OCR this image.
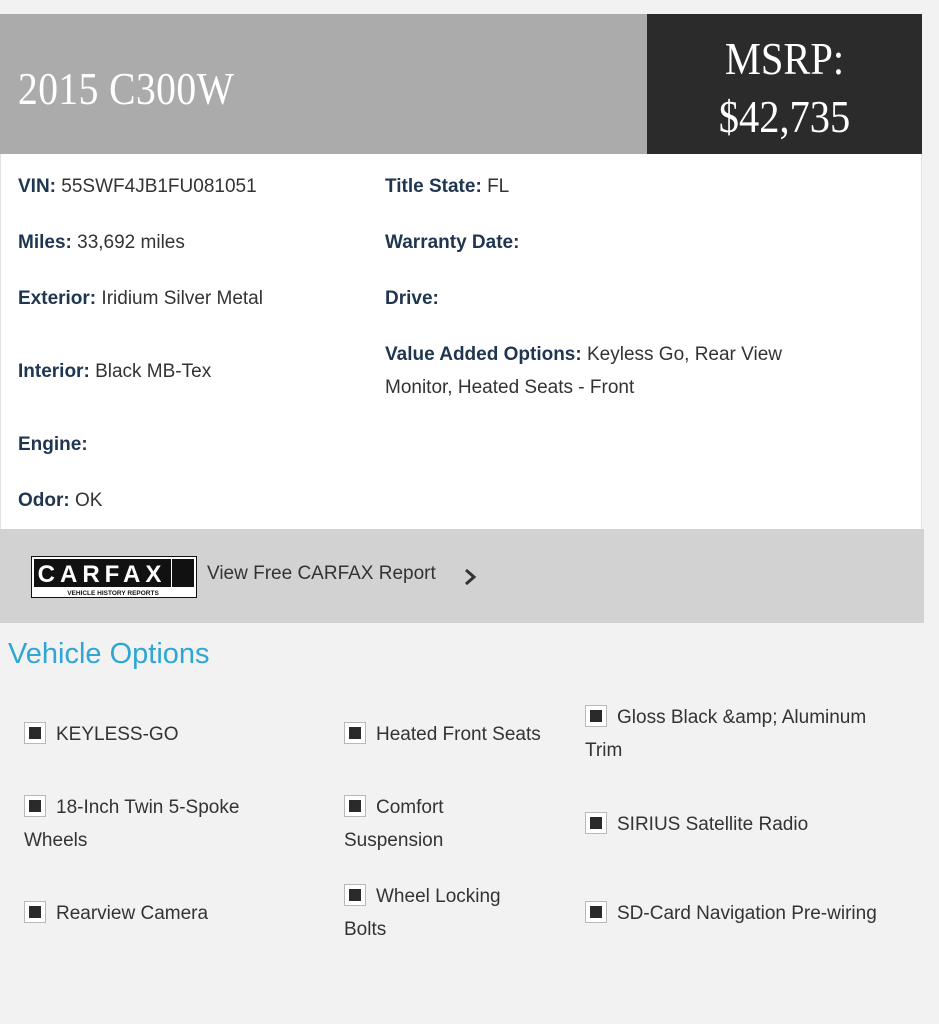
2015 C300W
MSRP:
$42,735
VIN: 55SWF4JB1FU081051
Miles: 33,692 miles
Exterior: Iridium Silver Metal
Interior: Black MB-Tex
Engine:
Odor: OK
Title State: FL
Warranty Date:
Drive:
Value Added Options: Keyless Go, Rear View Monitor, Heated Seats - Front
CARFAX
VEHICLE HISTORY REPORTS
View Free CARFAX Report
Vehicle Options
KEYLESS-GO	Heated Front Seats
Gloss Black &amp; Aluminum Trim
18-Inch Twin 5-Spoke Wheels
Comfort Suspension
SIRIUS Satellite Radio
Rearview Camera
Wheel Locking Bolts
SD-Card Navigation Pre-wiring
